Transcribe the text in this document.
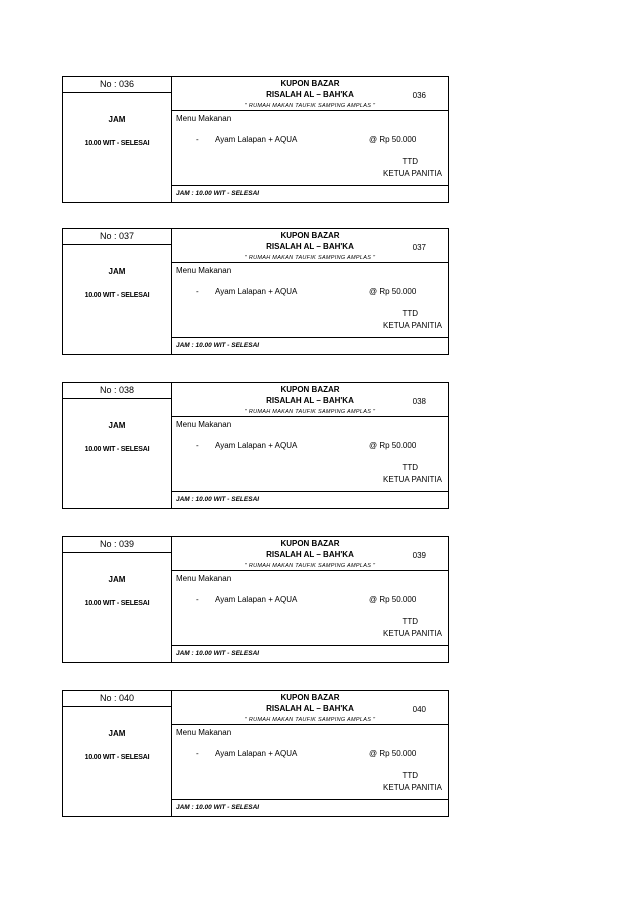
No : 036
JAM
10.00 WIT - SELESAI
KUPON BAZAR
RISALAH AL – BAH'KA	036
" RUMAH MAKAN TAUFIK SAMPING AMPLAS "
Menu Makanan
- Ayam Lalapan + AQUA	@ Rp 50.000
TTD
KETUA PANITIA
JAM : 10.00 WIT - SELESAI
No : 037
JAM
10.00 WIT - SELESAI
KUPON BAZAR
RISALAH AL – BAH'KA	037
" RUMAH MAKAN TAUFIK SAMPING AMPLAS "
Menu Makanan
- Ayam Lalapan + AQUA	@ Rp 50.000
TTD
KETUA PANITIA
JAM : 10.00 WIT - SELESAI
No : 038
JAM
10.00 WIT - SELESAI
KUPON BAZAR
RISALAH AL – BAH'KA	038
" RUMAH MAKAN TAUFIK SAMPING AMPLAS "
Menu Makanan
- Ayam Lalapan + AQUA	@ Rp 50.000
TTD
KETUA PANITIA
JAM : 10.00 WIT - SELESAI
No : 039
JAM
10.00 WIT - SELESAI
KUPON BAZAR
RISALAH AL – BAH'KA	039
" RUMAH MAKAN TAUFIK SAMPING AMPLAS "
Menu Makanan
- Ayam Lalapan + AQUA	@ Rp 50.000
TTD
KETUA PANITIA
JAM : 10.00 WIT - SELESAI
No : 040
JAM
10.00 WIT - SELESAI
KUPON BAZAR
RISALAH AL – BAH'KA	040
" RUMAH MAKAN TAUFIK SAMPING AMPLAS "
Menu Makanan
- Ayam Lalapan + AQUA	@ Rp 50.000
TTD
KETUA PANITIA
JAM : 10.00 WIT - SELESAI
